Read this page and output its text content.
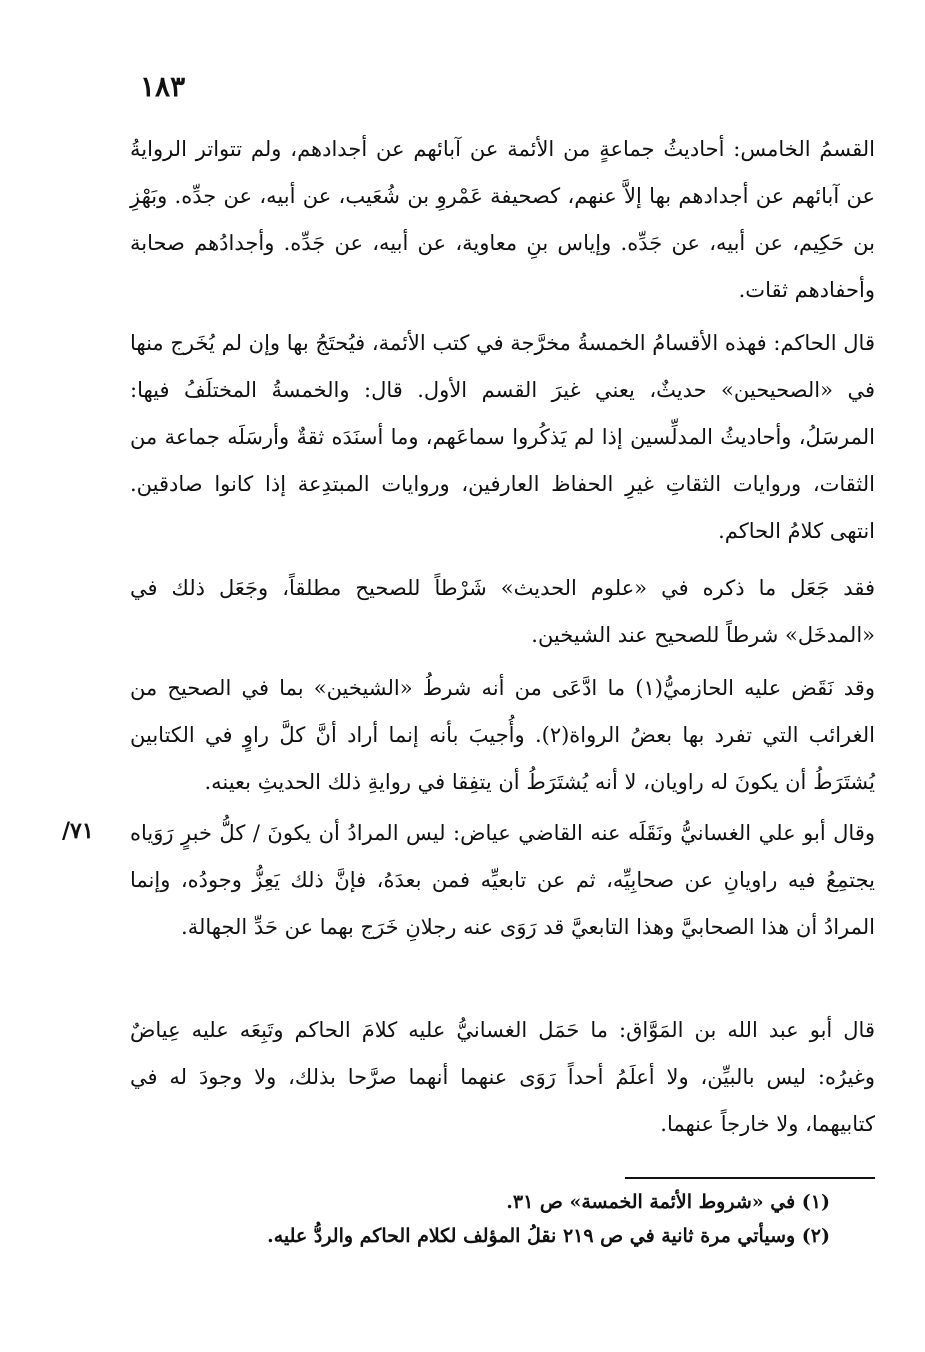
١٨٣
٧١/

القسمُ الخامس: أحاديثُ جماعةٍ من الأئمة عن آبائهم عن أجدادهم، ولم تتواتر الروايةُ عن آبائهم عن أجدادهم بها إلاَّ عنهم، كصحيفة عَمْروِ بن شُعَيب، عن أبيه، عن جدِّه. وبَهْزِ بن حَكِيم، عن أبيه، عن جَدِّه. وإياس بنِ معاوية، عن أبيه، عن جَدِّه. وأجدادُهم صحابة وأحفادهم ثقات.

قال الحاكم: فهذه الأقسامُ الخمسةُ مخرَّجة في كتب الأئمة، فيُحتَجُ بها وإن لم يُخَرج منها في «الصحيحين» حديثٌ، يعني غيرَ القسم الأول. قال: والخمسةُ المختلَفُ فيها: المرسَلُ، وأحاديثُ المدلِّسين إذا لم يَذكُروا سماعَهم، وما أسنَدَه ثقةٌ وأرسَلَه جماعة من الثقات، وروايات الثقاتِ غيرِ الحفاظ العارفين، وروايات المبتدِعة إذا كانوا صادقين. انتهى كلامُ الحاكم.

فقد جَعَل ما ذكره في «علوم الحديث» شَرْطاً للصحيح مطلقاً، وجَعَل ذلك في «المدخَل» شرطاً للصحيح عند الشيخين.

وقد نَقَض عليه الحازميُّ(١) ما ادَّعَى من أنه شرطُ «الشيخين» بما في الصحيح من الغرائب التي تفرد بها بعضُ الرواة(٢). وأُجيبَ بأنه إنما أراد أنَّ كلَّ راوٍ في الكتابين يُشتَرَطُ أن يكونَ له راويان، لا أنه يُشتَرَطُ أن يتفِقا في روايةِ ذلك الحديثِ بعينه.

وقال أبو علي الغسانيُّ ونَقَلَه عنه القاضي عياض: ليس المرادُ أن يكونَ / كلُّ خبرٍ رَوَياه يجتمِعُ فيه راويانِ عن صحابِيِّه، ثم عن تابعيِّه فمن بعدَهُ، فإنَّ ذلك يَعِزُّ وجودُه، وإنما المرادُ أن هذا الصحابيَّ وهذا التابعيَّ قد رَوَى عنه رجلانِ خَرَج بهما عن حَدِّ الجهالة.

قال أبو عبد الله بن المَوَّاق: ما حَمَل الغسانيُّ عليه كلامَ الحاكم وتَبِعَه عليه عِياضٌ وغيرُه: ليس بالبيِّن، ولا أعلَمُ أحداً رَوَى عنهما أنهما صرَّحا بذلك، ولا وجودَ له في كتابيهما، ولا خارجاً عنهما.

(١) في «شروط الأئمة الخمسة» ص ٣١.

(٢) وسيأتي مرة ثانية في ص ٢١٩ نقلُ المؤلف لكلام الحاكم والردُّ عليه.
